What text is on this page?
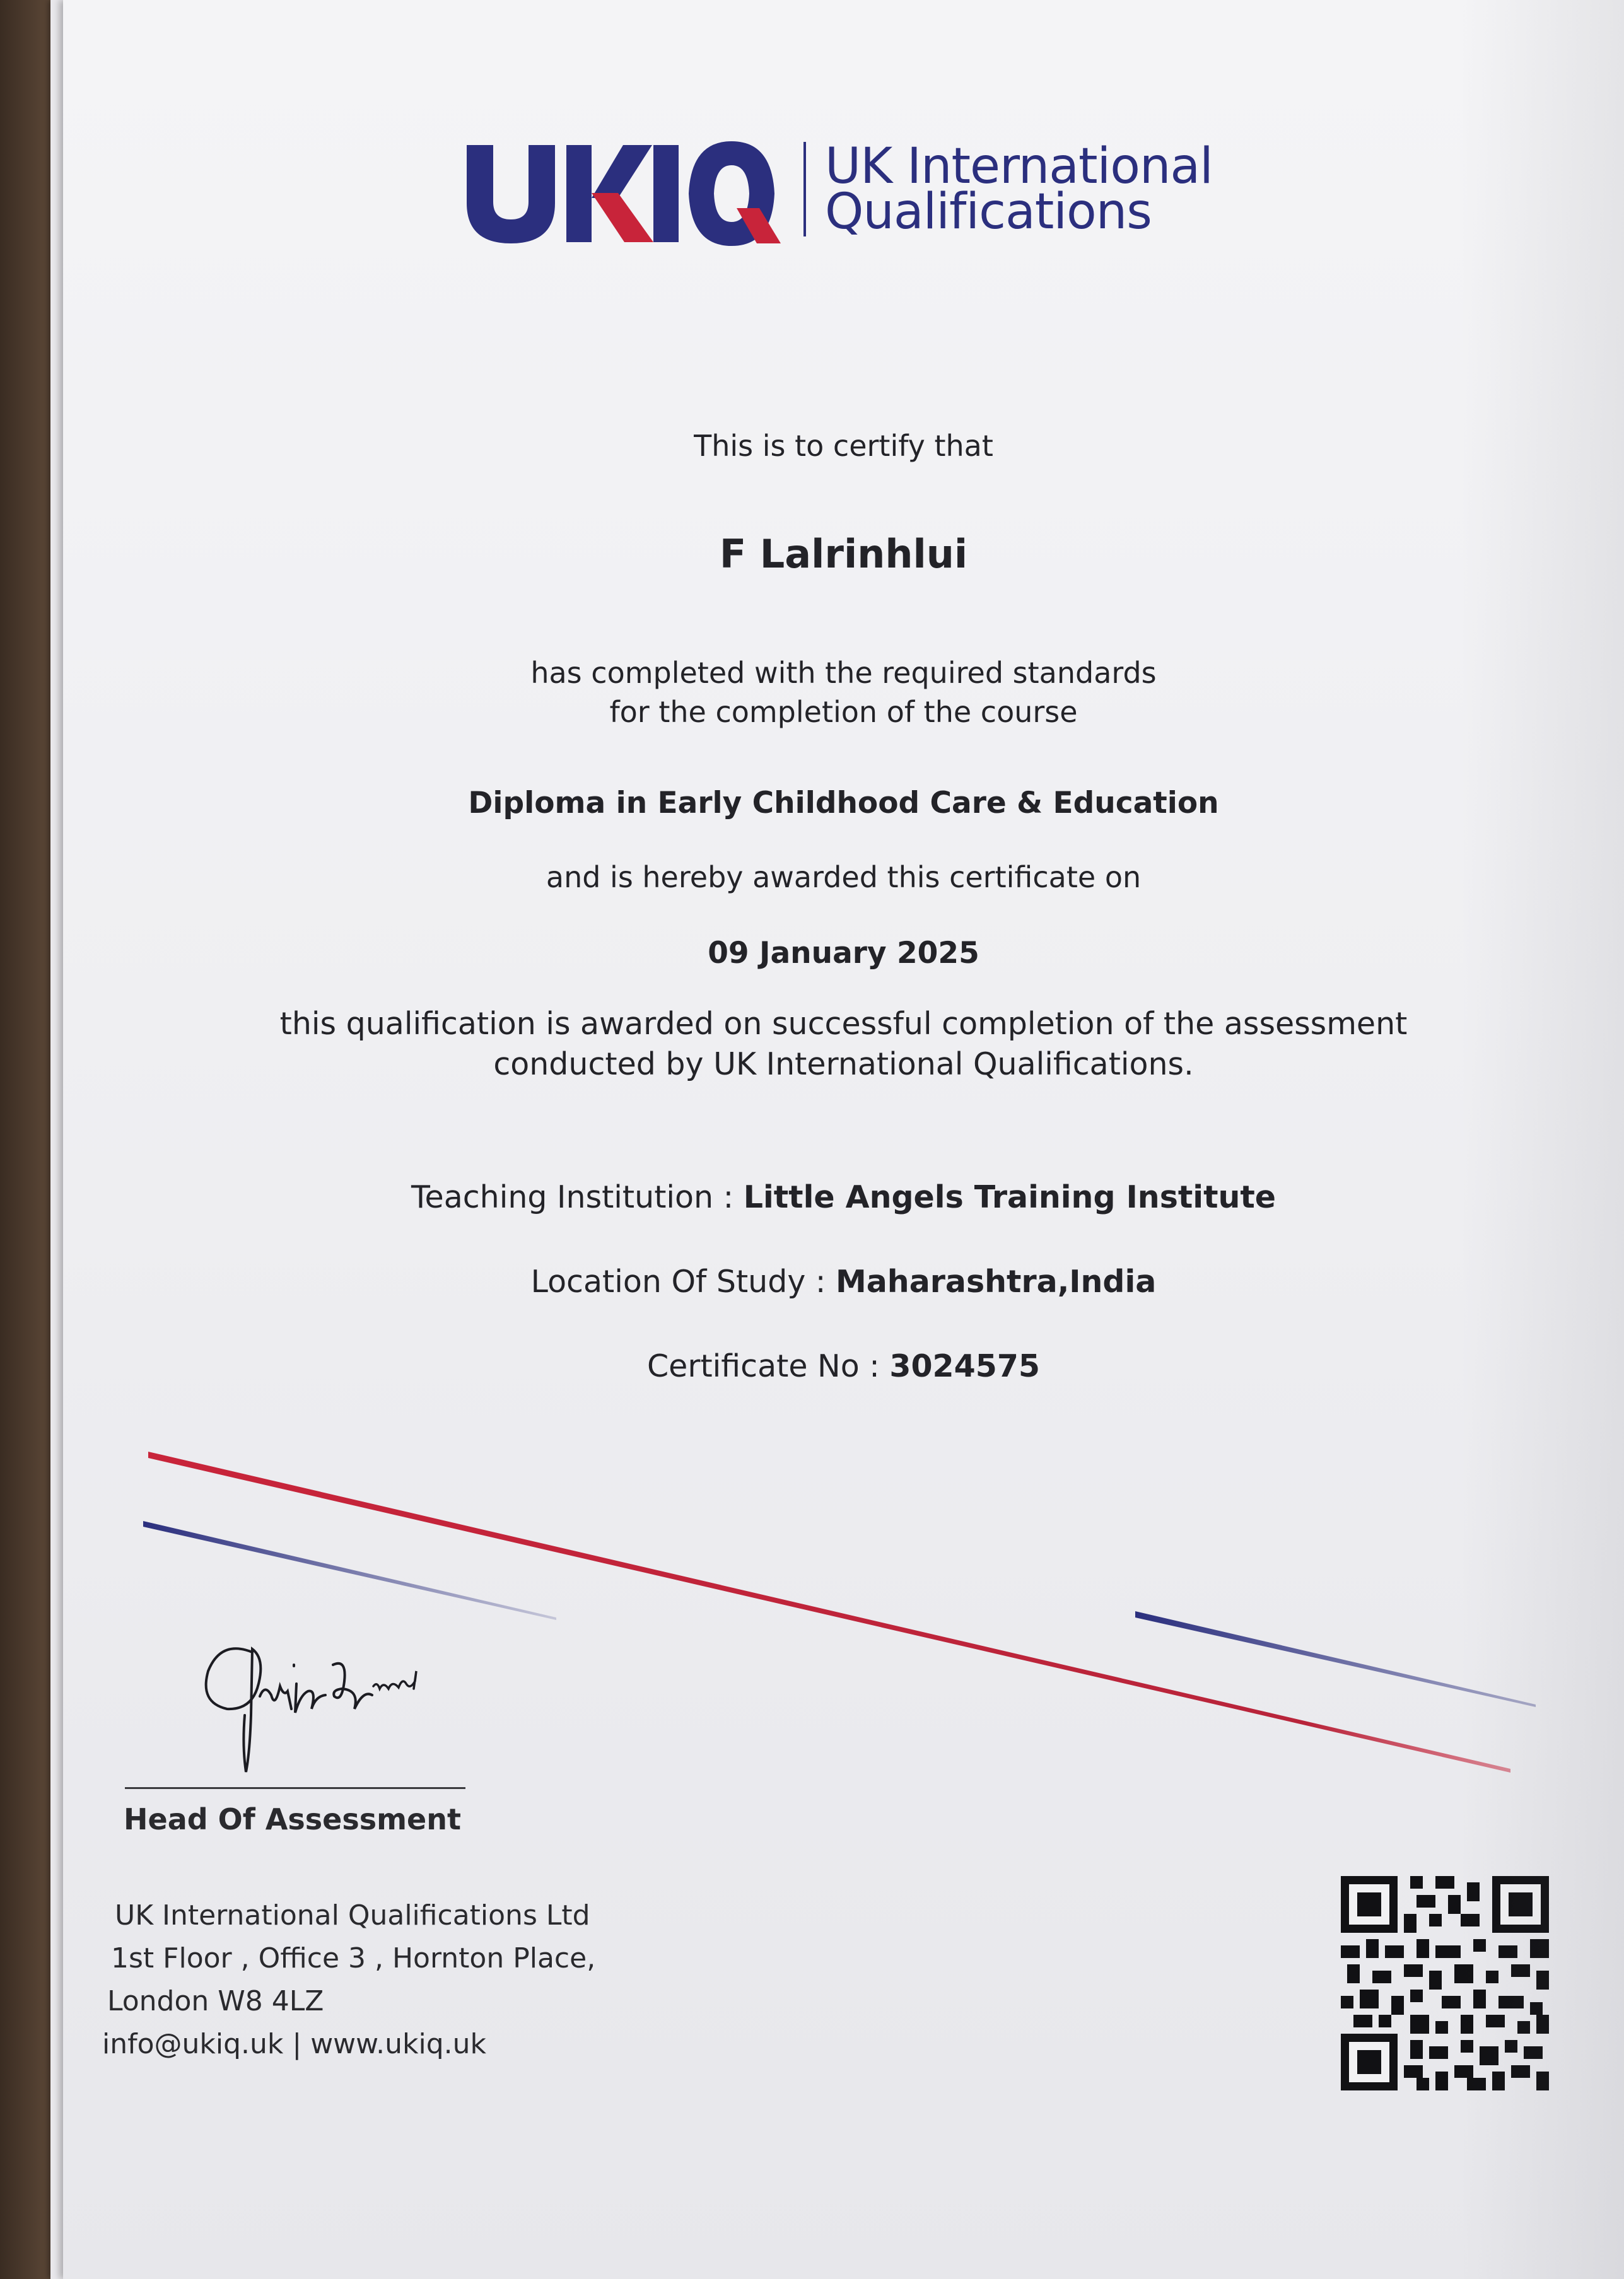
UK International
Qualifications
This is to certify that
F Lalrinhlui
has completed with the required standards
for the completion of the course
Diploma in Early Childhood Care & Education
and is hereby awarded this certificate on
09 January 2025
this qualification is awarded on successful completion of the assessment
conducted by UK International Qualifications.
Teaching Institution : Little Angels Training Institute
Location Of Study : Maharashtra,India
Certificate No : 3024575
Head Of Assessment
UK International Qualifications Ltd
1st Floor , Office 3 , Hornton Place,
London W8 4LZ
info@ukiq.uk | www.ukiq.uk
